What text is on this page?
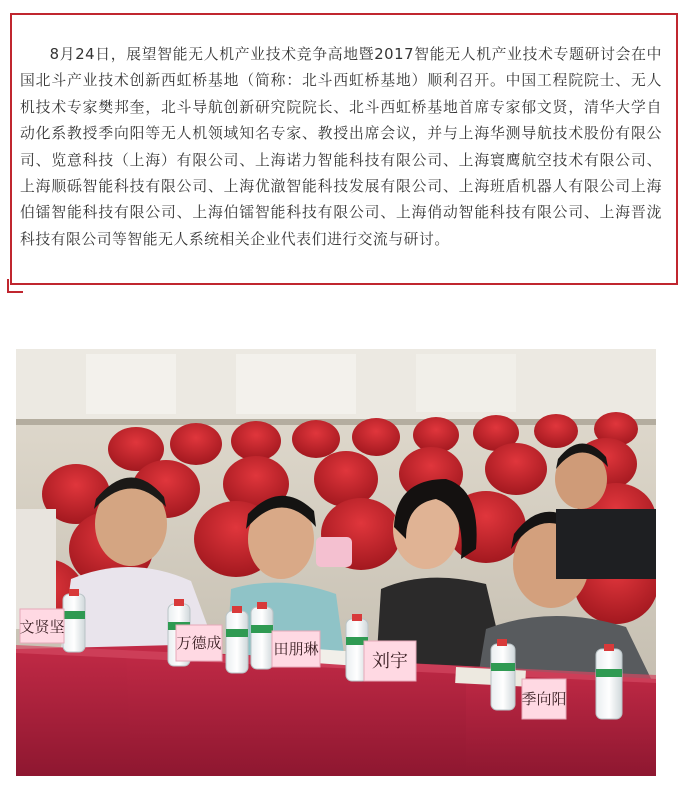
8月24日，展望智能无人机产业技术竞争高地暨2017智能无人机产业技术专题研讨会在中国北斗产业技术创新西虹桥基地（简称：北斗西虹桥基地）顺利召开。中国工程院院士、无人机技术专家樊邦奎，北斗导航创新研究院院长、北斗西虹桥基地首席专家郁文贤，清华大学自动化系教授季向阳等无人机领域知名专家、教授出席会议，并与上海华测导航技术股份有限公司、览意科技（上海）有限公司、上海诺力智能科技有限公司、上海寰鹰航空技术有限公司、上海顺砾智能科技有限公司、上海优澈智能科技发展有限公司、上海班盾机器人有限公司上海伯镭智能科技有限公司、上海伯镭智能科技有限公司、上海俏动智能科技有限公司、上海晋泷科技有限公司等智能无人系统相关企业代表们进行交流与研讨。

文贤坚
万德成	田朋琳
刘宇
季向阳
